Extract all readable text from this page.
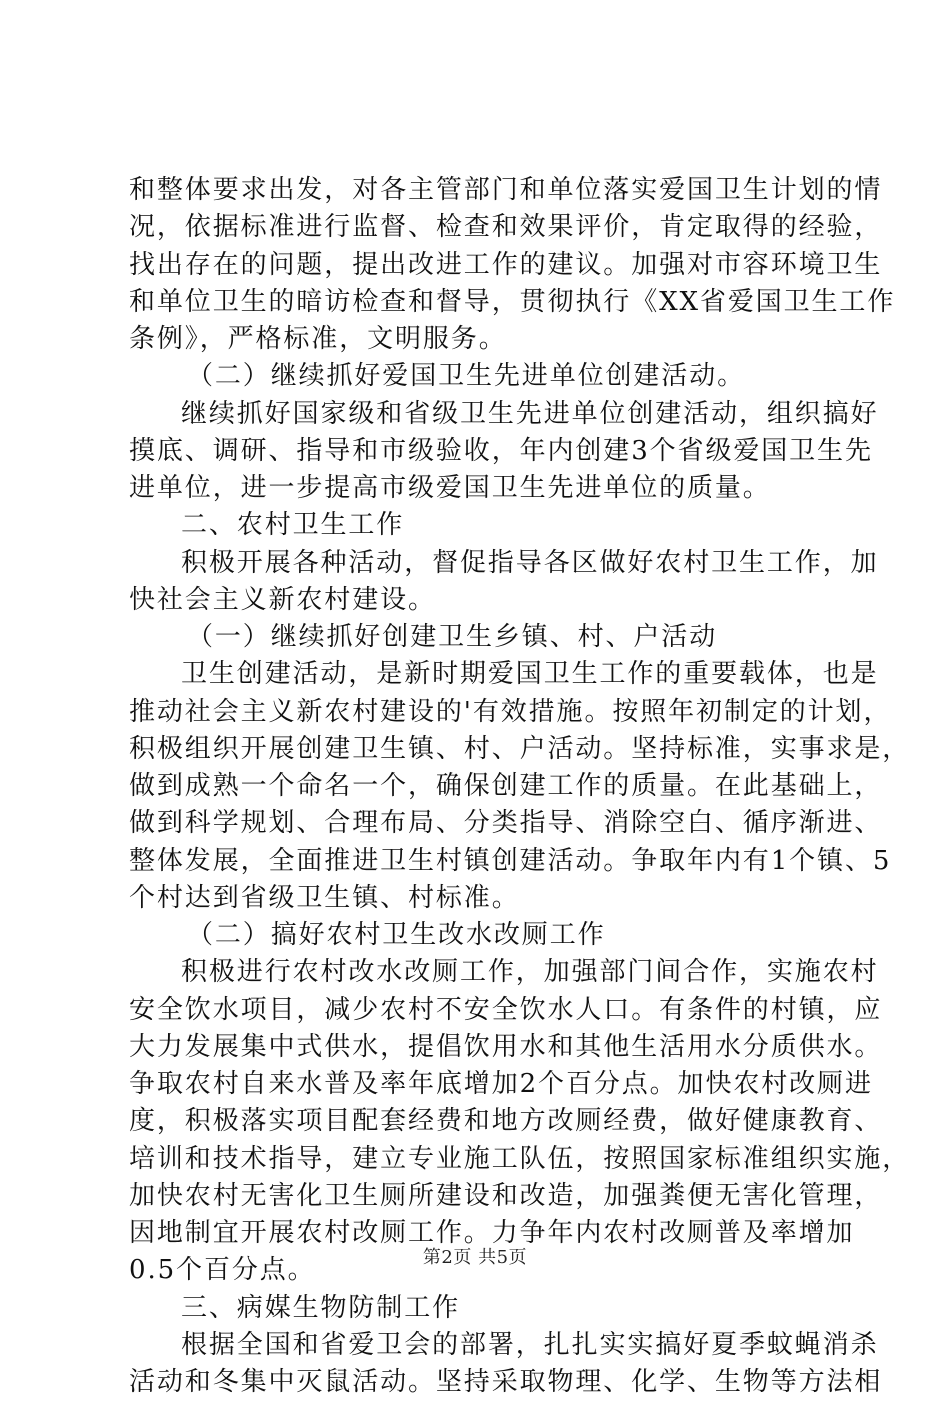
和整体要求出发，对各主管部门和单位落实爱国卫生计划的情
况，依据标准进行监督、检查和效果评价，肯定取得的经验，
找出存在的问题，提出改进工作的建议。加强对市容环境卫生
和单位卫生的暗访检查和督导，贯彻执行《XX省爱国卫生工作
条例》，严格标准，文明服务。
（二）继续抓好爱国卫生先进单位创建活动。
继续抓好国家级和省级卫生先进单位创建活动，组织搞好
摸底、调研、指导和市级验收，年内创建3个省级爱国卫生先
进单位，进一步提高市级爱国卫生先进单位的质量。
二、农村卫生工作
积极开展各种活动，督促指导各区做好农村卫生工作，加
快社会主义新农村建设。
（一）继续抓好创建卫生乡镇、村、户活动
卫生创建活动，是新时期爱国卫生工作的重要载体，也是
推动社会主义新农村建设的'有效措施。按照年初制定的计划，
积极组织开展创建卫生镇、村、户活动。坚持标准，实事求是，
做到成熟一个命名一个，确保创建工作的质量。在此基础上，
做到科学规划、合理布局、分类指导、消除空白、循序渐进、
整体发展，全面推进卫生村镇创建活动。争取年内有1个镇、5
个村达到省级卫生镇、村标准。
（二）搞好农村卫生改水改厕工作
积极进行农村改水改厕工作，加强部门间合作，实施农村
安全饮水项目，减少农村不安全饮水人口。有条件的村镇，应
大力发展集中式供水，提倡饮用水和其他生活用水分质供水。
争取农村自来水普及率年底增加2个百分点。加快农村改厕进
度，积极落实项目配套经费和地方改厕经费，做好健康教育、
培训和技术指导，建立专业施工队伍，按照国家标准组织实施，
加快农村无害化卫生厕所建设和改造，加强粪便无害化管理，
因地制宜开展农村改厕工作。力争年内农村改厕普及率增加
0.5个百分点。
三、病媒生物防制工作
根据全国和省爱卫会的部署，扎扎实实搞好夏季蚊蝇消杀
活动和冬集中灭鼠活动。坚持采取物理、化学、生物等方法相
第2页 共5页
